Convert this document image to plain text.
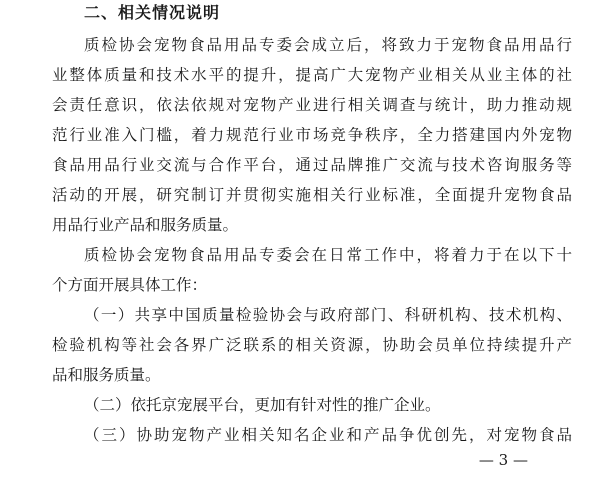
二、相关情况说明
质检协会宠物食品用品专委会成立后，将致力于宠物食品用品行
业整体质量和技术水平的提升，提高广大宠物产业相关从业主体的社
会责任意识，依法依规对宠物产业进行相关调查与统计，助力推动规
范行业准入门槛，着力规范行业市场竞争秩序，全力搭建国内外宠物
食品用品行业交流与合作平台，通过品牌推广交流与技术咨询服务等
活动的开展，研究制订并贯彻实施相关行业标准，全面提升宠物食品
用品行业产品和服务质量。
质检协会宠物食品用品专委会在日常工作中，将着力于在以下十
个方面开展具体工作：
（一）共享中国质量检验协会与政府部门、科研机构、技术机构、
检验机构等社会各界广泛联系的相关资源，协助会员单位持续提升产
品和服务质量。
（二）依托京宠展平台，更加有针对性的推广企业。
（三）协助宠物产业相关知名企业和产品争优创先，对宠物食品
— 3 —
